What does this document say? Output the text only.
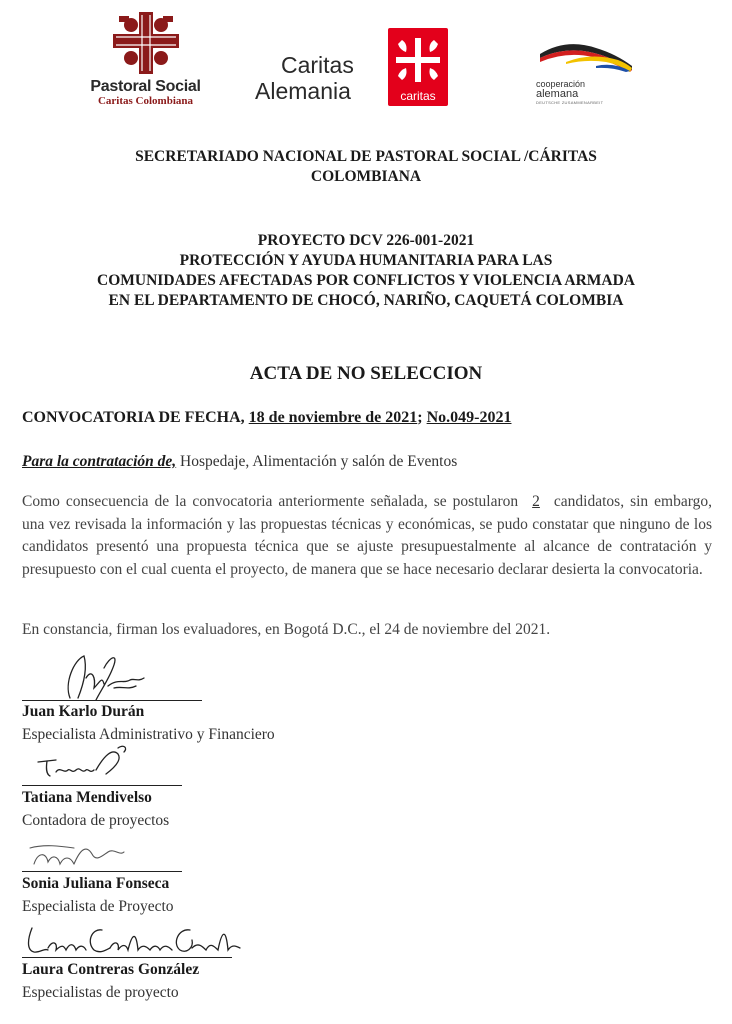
Pastoral Social
Caritas Colombiana
Caritas
Alemania	caritas
cooperación
alemana
DEUTSCHE ZUSAMMENARBEIT
SECRETARIADO NACIONAL DE PASTORAL SOCIAL /CÁRITAS
COLOMBIANA
PROYECTO DCV 226-001-2021
PROTECCIÓN Y AYUDA HUMANITARIA PARA LAS
COMUNIDADES AFECTADAS POR CONFLICTOS Y VIOLENCIA ARMADA
EN EL DEPARTAMENTO DE CHOCÓ, NARIÑO, CAQUETÁ COLOMBIA
ACTA DE NO SELECCION
CONVOCATORIA DE FECHA, 18 de noviembre de 2021; No.049-2021
Para la contratación de, Hospedaje, Alimentación y salón de Eventos
Como consecuencia de la convocatoria anteriormente señalada, se postularon 2 candidatos, sin embargo, una vez revisada la información y las propuestas técnicas y económicas, se pudo constatar que ninguno de los candidatos presentó una propuesta técnica que se ajuste presupuestalmente al alcance de contratación y presupuesto con el cual cuenta el proyecto, de manera que se hace necesario declarar desierta la convocatoria.
En constancia, firman los evaluadores, en Bogotá D.C., el 24 de noviembre del 2021.
Juan Karlo Durán
Especialista Administrativo y Financiero
Tatiana Mendivelso
Contadora de proyectos
Sonia Juliana Fonseca
Especialista de Proyecto
Laura Contreras González
Especialistas de proyecto
